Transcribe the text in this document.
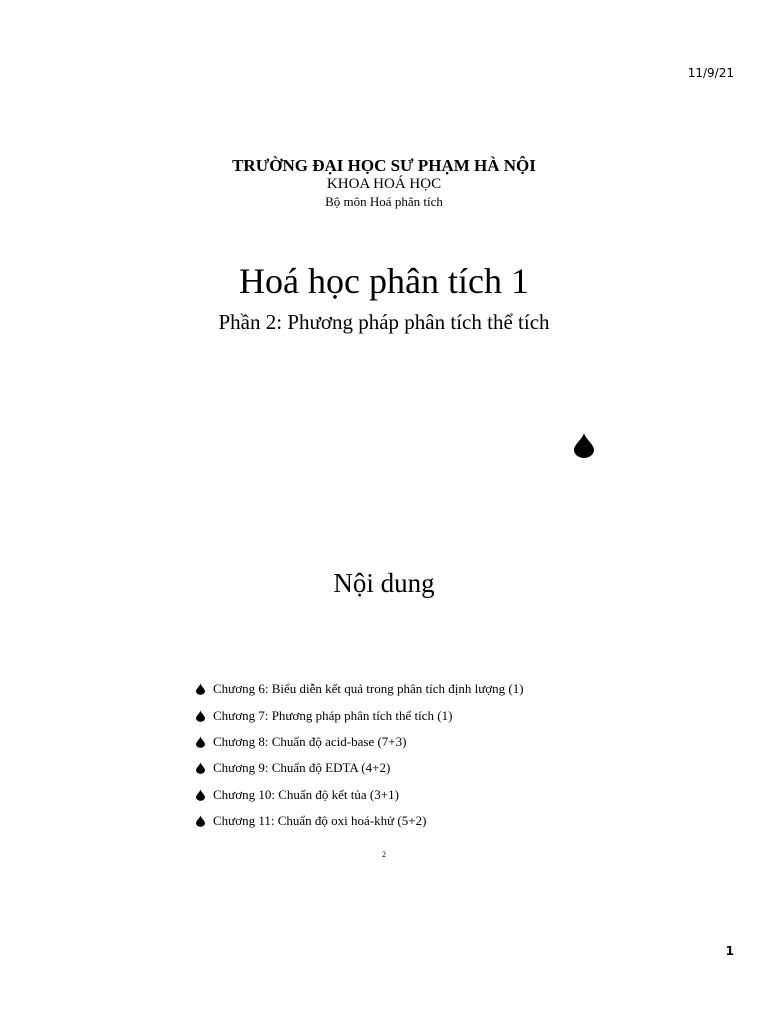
11/9/21
TRƯỜNG ĐẠI HỌC SƯ PHẠM HÀ NỘI
KHOA HOÁ HỌC
Bộ môn Hoá phân tích
Hoá học phân tích 1
Phần 2: Phương pháp phân tích thể tích
Nội dung
Chương 6: Biểu diễn kết quả trong phân tích định lượng (1)
Chương 7: Phương pháp phân tích thể tích (1)
Chương 8: Chuẩn độ acid-base (7+3)
Chương 9: Chuẩn độ EDTA (4+2)
Chương 10: Chuẩn độ kết tủa (3+1)
Chương 11: Chuẩn độ oxi hoá-khử (5+2)
2
1
